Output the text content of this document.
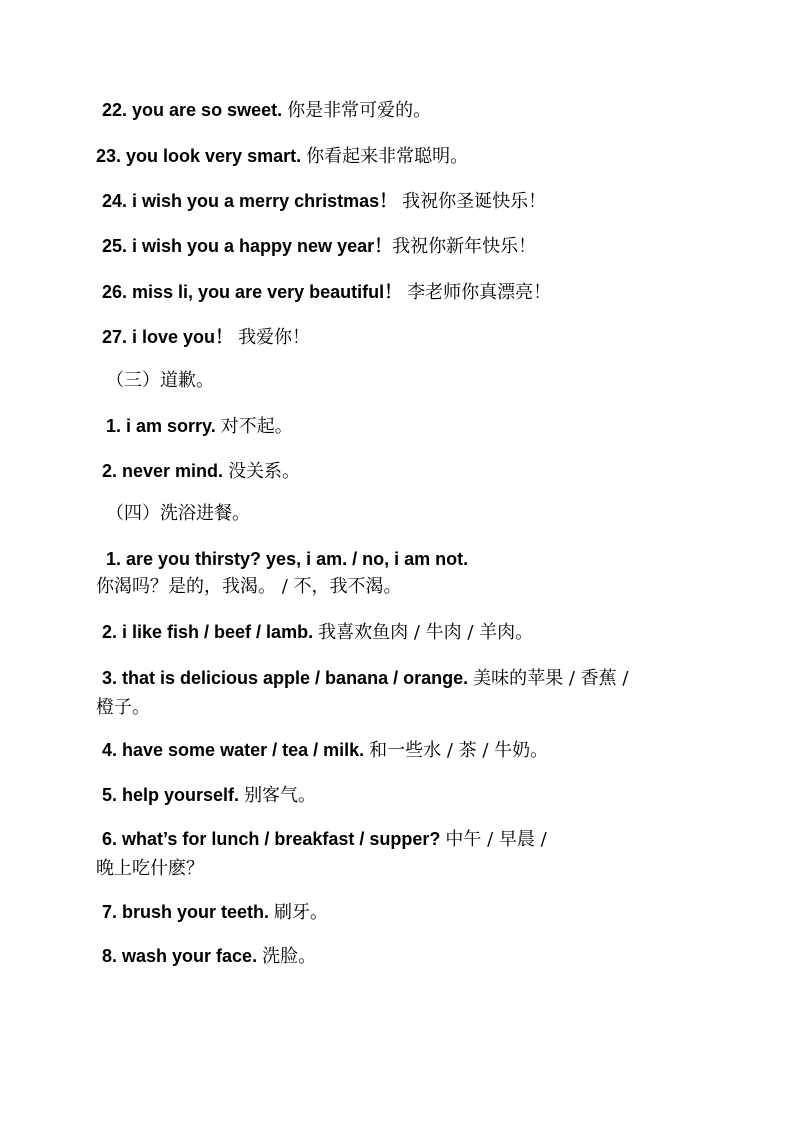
22. you are so sweet. 你是非常可爱的。
23. you look very smart. 你看起来非常聪明。
24. i wish you a merry christmas！ 我祝你圣诞快乐！
25. i wish you a happy new year！我祝你新年快乐！
26. miss li, you are very beautiful！ 李老师你真漂亮！
27. i love you！ 我爱你！
（三）道歉。
1. i am sorry. 对不起。
2. never mind. 没关系。
（四）洗浴进餐。
1. are you thirsty? yes, i am. / no, i am not.
你渴吗？是的，我渴。 / 不，我不渴。
2. i like fish / beef / lamb. 我喜欢鱼肉 / 牛肉 / 羊肉。
3. that is delicious apple / banana / orange. 美味的苹果 / 香蕉 /
橙子。
4. have some water / tea / milk. 和一些水 / 茶 / 牛奶。
5. help yourself. 别客气。
6. what’s for lunch / breakfast / supper? 中午 / 早晨 /
晚上吃什麽？
7. brush your teeth. 刷牙。
8. wash your face. 洗脸。
